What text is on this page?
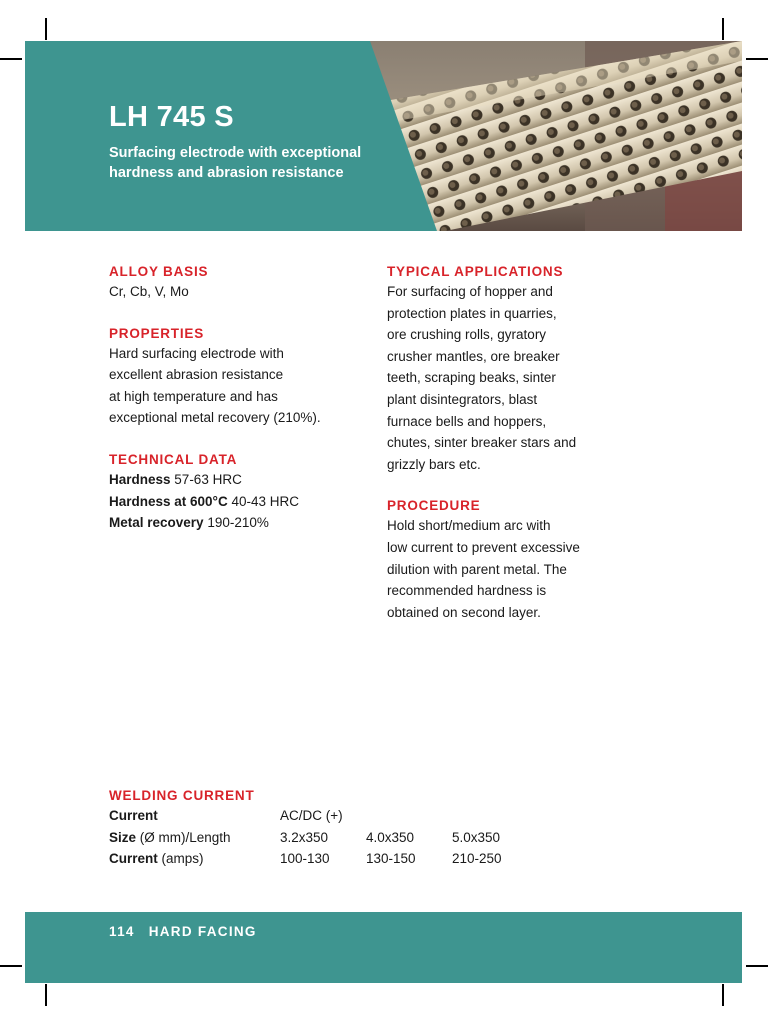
LH 745 S
Surfacing electrode with exceptional hardness and abrasion resistance
ALLOY BASIS
Cr, Cb, V, Mo
PROPERTIES
Hard surfacing electrode with
excellent abrasion resistance
at high temperature and has
exceptional metal recovery (210%).
TECHNICAL DATA
Hardness 57-63 HRC
Hardness at 600°C 40-43 HRC
Metal recovery 190-210%
TYPICAL APPLICATIONS
For surfacing of hopper and
protection plates in quarries,
ore crushing rolls, gyratory
crusher mantles, ore breaker
teeth, scraping beaks, sinter
plant disintegrators, blast
furnace bells and hoppers,
chutes, sinter breaker stars and
grizzly bars etc.
PROCEDURE
Hold short/medium arc with
low current to prevent excessive
dilution with parent metal. The
recommended hardness is
obtained on second layer.
WELDING CURRENT
Current	AC/DC (+)
Size (Ø mm)/Length	3.2x350	4.0x350	5.0x350
Current (amps)	100-130	130-150	210-250
114 HARD FACING
